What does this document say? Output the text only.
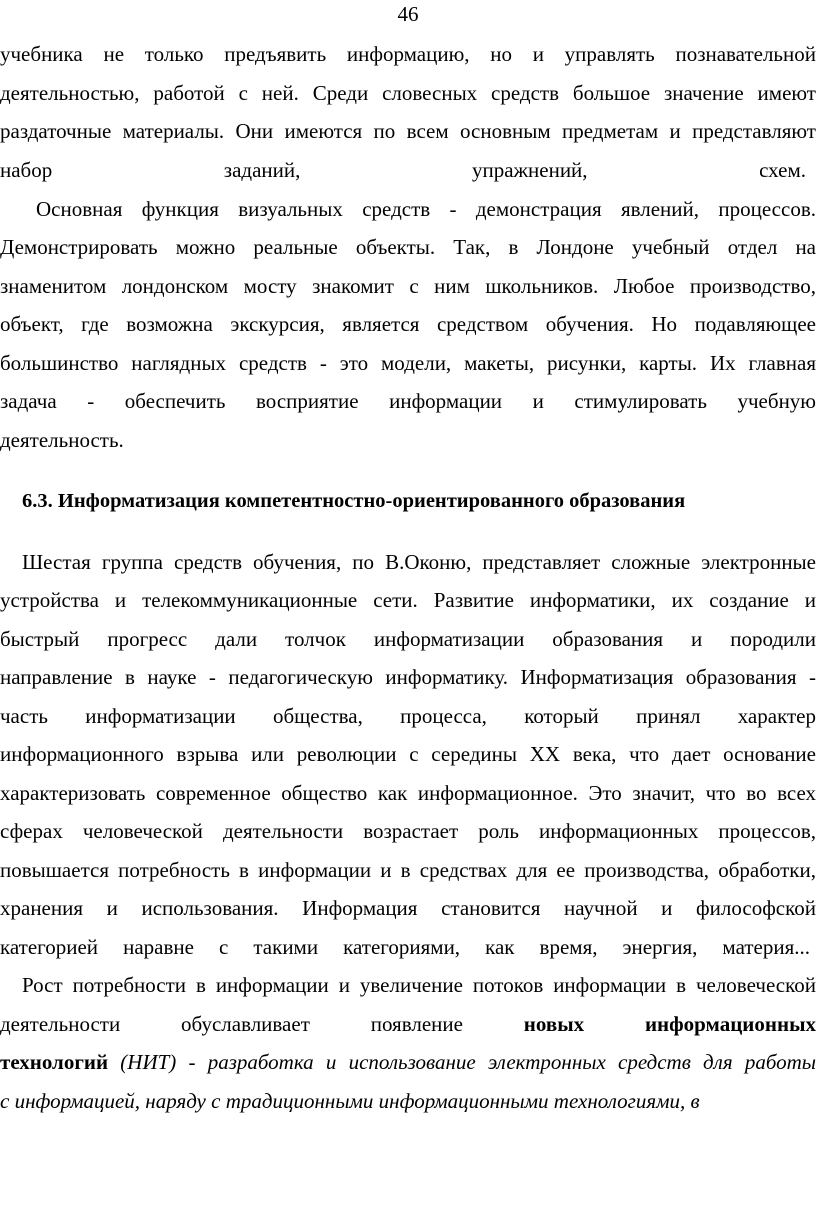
46
учебника не только предъявить информацию, но и управлять познавательной
деятельностью, работой с ней. Среди словесных средств большое значение имеют
раздаточные материалы. Они имеются по всем основным предметам и представляют
набор заданий, упражнений, схем.
Основная функция визуальных средств - демонстрация явлений, процессов.
Демонстрировать можно реальные объекты. Так, в Лондоне учебный отдел на
знаменитом лондонском мосту знакомит с ним школьников. Любое производство,
объект, где возможна экскурсия, является средством обучения. Но подавляющее
большинство наглядных средств - это модели, макеты, рисунки, карты. Их главная
задача - обеспечить восприятие информации и стимулировать учебную
деятельность.
6.3. Информатизация компетентностно-ориентированного образования
Шестая группа средств обучения, по В.Оконю, представляет сложные электронные
устройства и телекоммуникационные сети. Развитие информатики, их создание и
быстрый прогресс дали толчок информатизации образования и породили
направление в науке - педагогическую информатику. Информатизация образования -
часть информатизации общества, процесса, который принял характер
информационного взрыва или революции с середины XX века, что дает основание
характеризовать современное общество как информационное. Это значит, что во всех
сферах человеческой деятельности возрастает роль информационных процессов,
повышается потребность в информации и в средствах для ее производства, обработки,
хранения и использования. Информация становится научной и философской
категорией наравне с такими категориями, как время, энергия, материя...
Рост потребности в информации и увеличение потоков информации в человеческой
деятельности обуславливает появление	новых информационных
технологий (НИТ) - разработка и использование электронных средств для работы
с информацией, наряду с традиционными информационными технологиями, в
